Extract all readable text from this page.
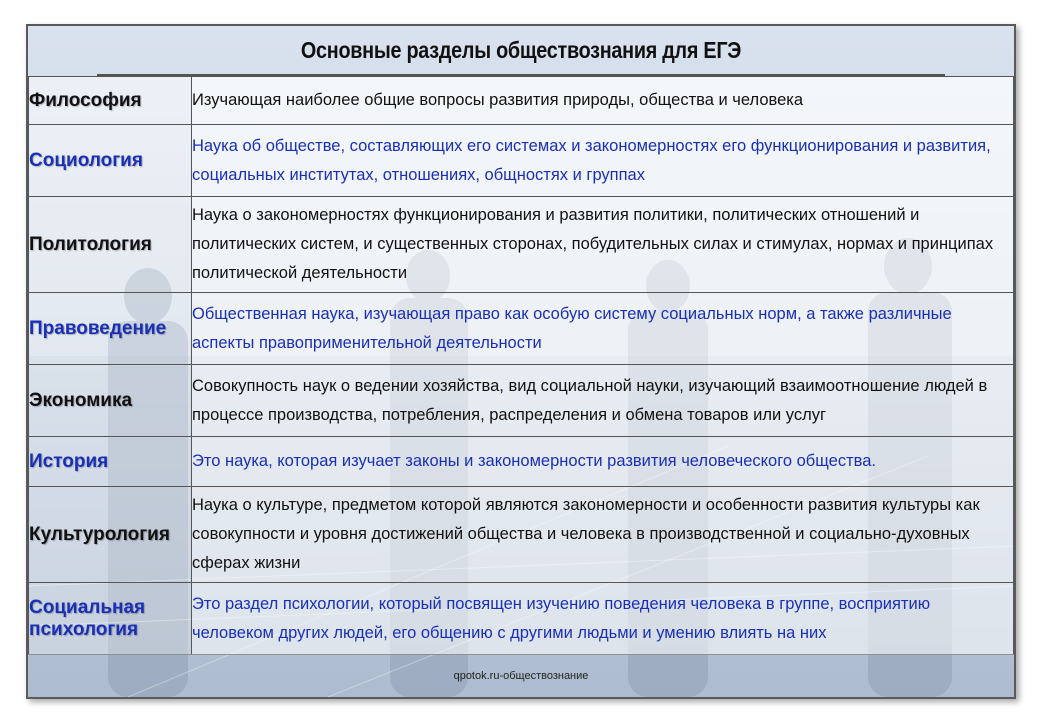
Основные разделы обществознания для ЕГЭ
Философия	Изучающая наиболее общие вопросы развития природы, общества и человека
Социология	Наука об обществе, составляющих его системах и закономерностях его функционирования и развития, социальных институтах, отношениях, общностях и группах
Политология	Наука о закономерностях функционирования и развития политики, политических отношений и политических систем, и существенных сторонах, побудительных силах и стимулах, нормах и принципах политической деятельности
Правоведение	Общественная наука, изучающая право как особую систему социальных норм, а также различные аспекты правоприменительной деятельности
Экономика	Совокупность наук о ведении хозяйства, вид социальной науки, изучающий взаимоотношение людей в процессе производства, потребления, распределения и обмена товаров или услуг
История	Это наука, которая изучает законы и закономерности развития человеческого общества.
Культурология	Наука о культуре, предметом которой являются закономерности и особенности развития культуры как совокупности и уровня достижений общества и человека в производственной и социально-духовных сферах жизни
Социальная психология	Это раздел психологии, который посвящен изучению поведения человека в группе, восприятию человеком других людей, его общению с другими людьми и умению влиять на них
qpotok.ru-обществознание
